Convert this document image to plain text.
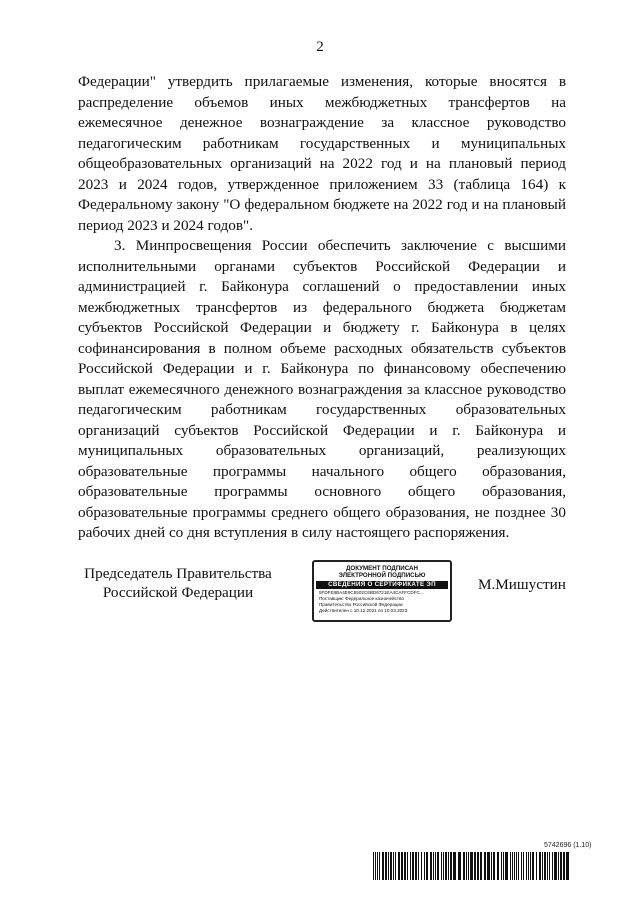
2

Федерации" утвердить прилагаемые изменения, которые вносятся в распределение объемов иных межбюджетных трансфертов на ежемесячное денежное вознаграждение за классное руководство педагогическим работникам государственных и муниципальных общеобразовательных организаций на 2022 год и на плановый период 2023 и 2024 годов, утвержденное приложением 33 (таблица 164) к Федеральному закону "О федеральном бюджете на 2022 год и на плановый период 2023 и 2024 годов".

3. Минпросвещения России обеспечить заключение с высшими исполнительными органами субъектов Российской Федерации и администрацией г. Байконура соглашений о предоставлении иных межбюджетных трансфертов из федерального бюджета бюджетам субъектов Российской Федерации и бюджету г. Байконура в целях софинансирования в полном объеме расходных обязательств субъектов Российской Федерации и г. Байконура по финансовому обеспечению выплат ежемесячного денежного вознаграждения за классное руководство педагогическим работникам государственных образовательных организаций субъектов Российской Федерации и г. Байконура и муниципальных образовательных организаций, реализующих образовательные программы начального общего образования, образовательные программы основного общего образования, образовательные программы среднего общего образования, не позднее 30 рабочих дней со дня вступления в силу настоящего распоряжения.

Председатель Правительства
Российской Федерации
ДОКУМЕНТ ПОДПИСАН
ЭЛЕКТРОННОЙ ПОДПИСЬЮ
СВЕДЕНИЯ О СЕРТИФИКАТЕ ЭП
5FDFE8BA4E9C5502C6BD6721EA4CAFFCDFC...
Поставщик: Федеральное казначейство
Правительство Российской Федерации
Действителен с 10.12.2021 по 10.03.2023
М.Мишустин
5742696 (1.10)
